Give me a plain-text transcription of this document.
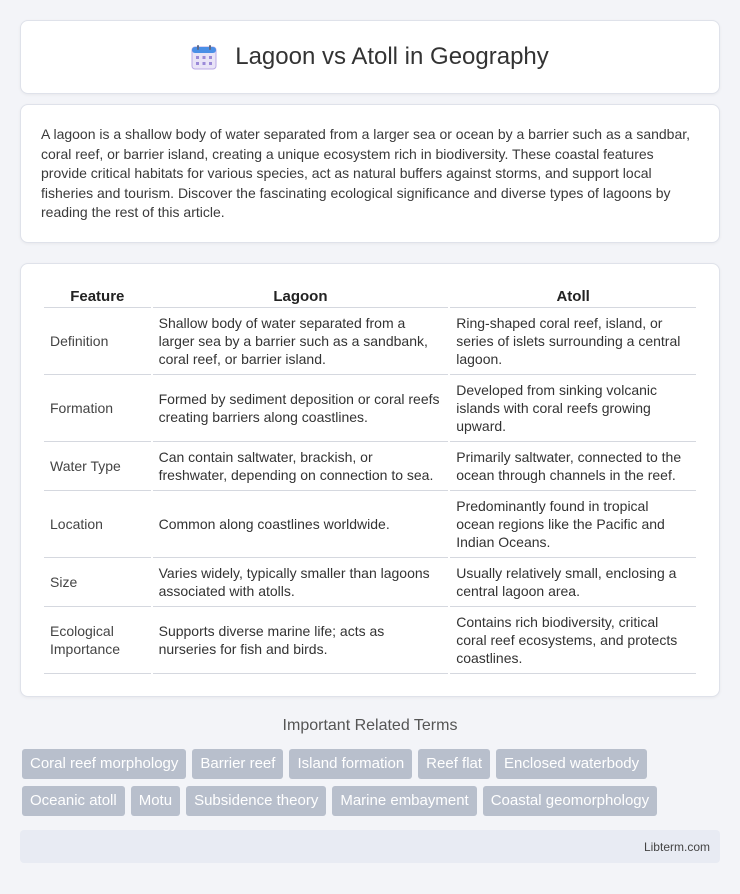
Lagoon vs Atoll in Geography

A lagoon is a shallow body of water separated from a larger sea or ocean by a barrier such as a sandbar, coral reef, or barrier island, creating a unique ecosystem rich in biodiversity. These coastal features provide critical habitats for various species, act as natural buffers against storms, and support local fisheries and tourism. Discover the fascinating ecological significance and diverse types of lagoons by reading the rest of this article.

Feature	Lagoon	Atoll
Definition	Shallow body of water separated from a larger sea by a barrier such as a sandbank, coral reef, or barrier island.	Ring-shaped coral reef, island, or series of islets surrounding a central lagoon.
Formation	Formed by sediment deposition or coral reefs creating barriers along coastlines.	Developed from sinking volcanic islands with coral reefs growing upward.
Water Type	Can contain saltwater, brackish, or freshwater, depending on connection to sea.	Primarily saltwater, connected to the ocean through channels in the reef.
Location	Common along coastlines worldwide.	Predominantly found in tropical ocean regions like the Pacific and Indian Oceans.
Size	Varies widely, typically smaller than lagoons associated with atolls.	Usually relatively small, enclosing a central lagoon area.
Ecological Importance	Supports diverse marine life; acts as nurseries for fish and birds.	Contains rich biodiversity, critical coral reef ecosystems, and protects coastlines.
Important Related Terms
Coral reef morphology	Barrier reef	Island formation	Reef flat	Enclosed waterbody
Oceanic atoll	Motu	Subsidence theory	Marine embayment	Coastal geomorphology
Libterm.com
